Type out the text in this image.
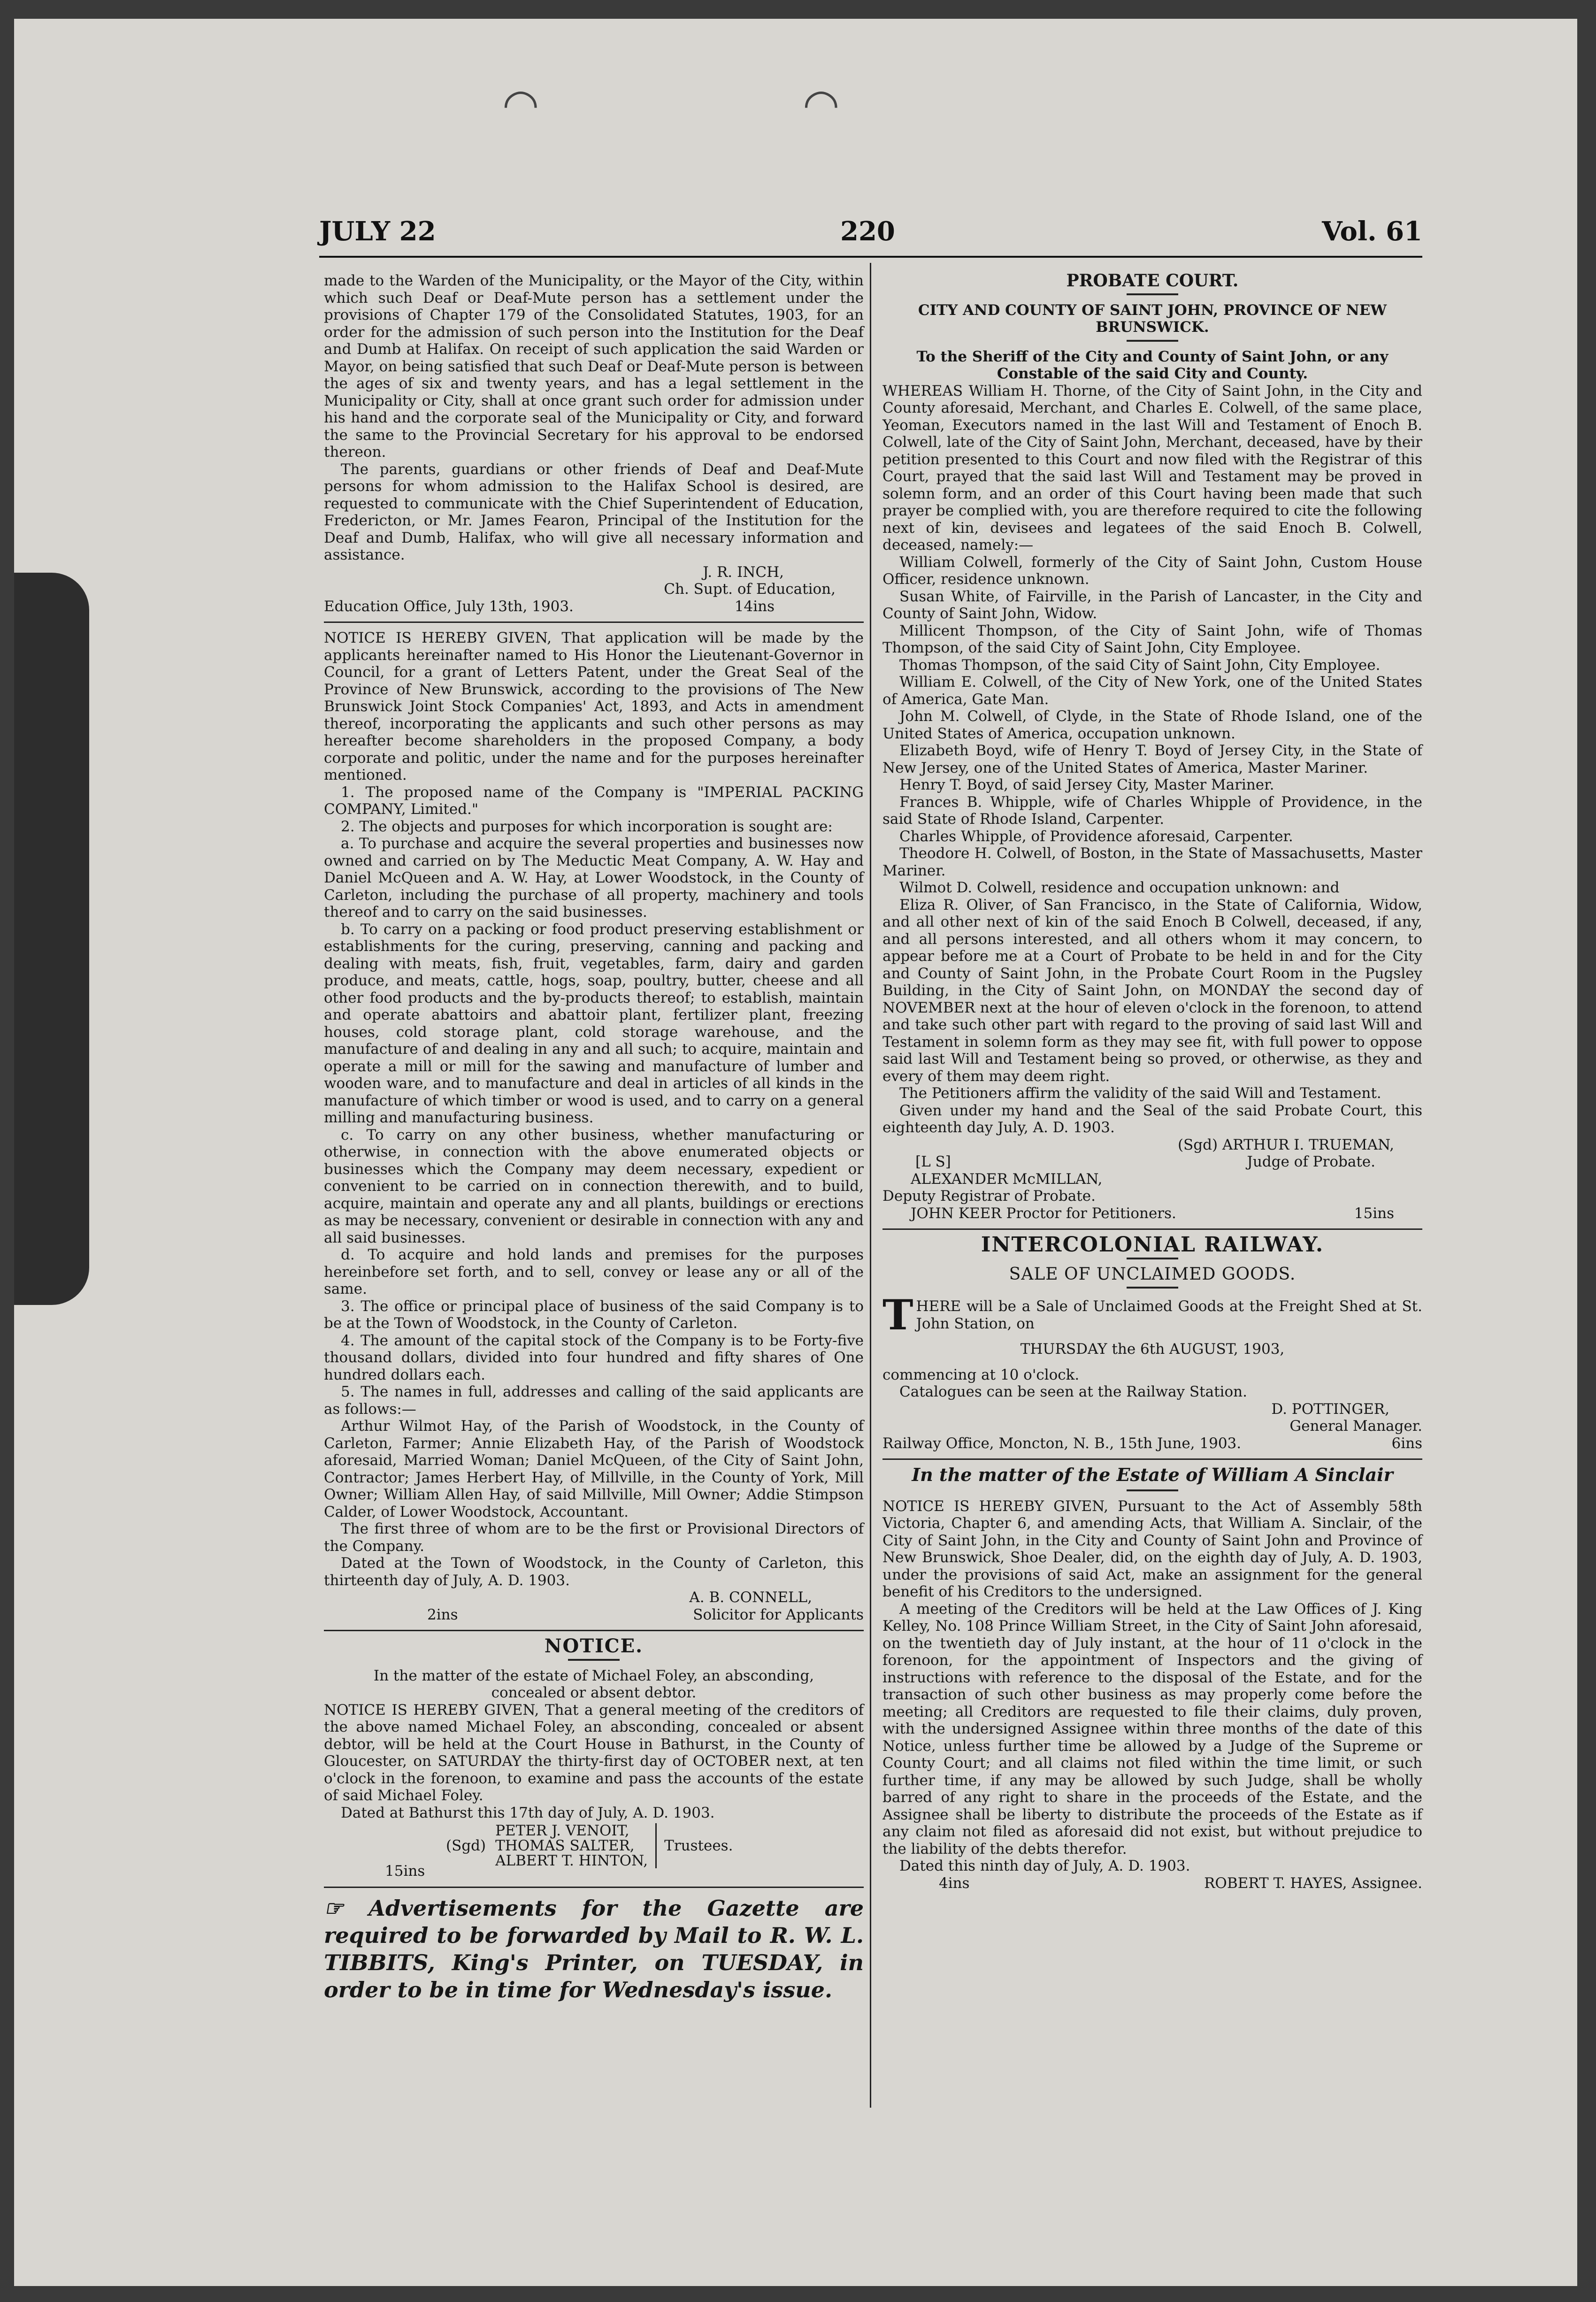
◠	◠
JULY 22	220	Vol. 61

made to the Warden of the Municipality, or the Mayor of the City, within which such Deaf or Deaf-Mute person has a settlement under the provisions of Chapter 179 of the Consolidated Statutes, 1903, for an order for the admission of such person into the Institution for the Deaf and Dumb at Halifax. On receipt of such application the said Warden or Mayor, on being satisfied that such Deaf or Deaf-Mute person is between the ages of six and twenty years, and has a legal settlement in the Municipality or City, shall at once grant such order for admission under his hand and the corporate seal of the Municipality or City, and forward the same to the Provincial Secretary for his approval to be endorsed thereon.

The parents, guardians or other friends of Deaf and Deaf-Mute persons for whom admission to the Halifax School is desired, are requested to communicate with the Chief Superintendent of Education, Fredericton, or Mr. James Fearon, Principal of the Institution for the Deaf and Dumb, Halifax, who will give all necessary information and assistance.

J. R. INCH,
Ch. Supt. of Education,
Education Office, July 13th, 1903.	14ins

NOTICE IS HEREBY GIVEN, That application will be made by the applicants hereinafter named to His Honor the Lieutenant-Governor in Council, for a grant of Letters Patent, under the Great Seal of the Province of New Brunswick, according to the provisions of The New Brunswick Joint Stock Companies' Act, 1893, and Acts in amendment thereof, incorporating the applicants and such other persons as may hereafter become shareholders in the proposed Company, a body corporate and politic, under the name and for the purposes hereinafter mentioned.

1. The proposed name of the Company is "IMPERIAL PACKING COMPANY, Limited."

2. The objects and purposes for which incorporation is sought are:

a. To purchase and acquire the several properties and businesses now owned and carried on by The Meductic Meat Company, A. W. Hay and Daniel McQueen and A. W. Hay, at Lower Woodstock, in the County of Carleton, including the purchase of all property, machinery and tools thereof and to carry on the said businesses.

b. To carry on a packing or food product preserving establishment or establishments for the curing, preserving, canning and packing and dealing with meats, fish, fruit, vegetables, farm, dairy and garden produce, and meats, cattle, hogs, soap, poultry, butter, cheese and all other food products and the by-products thereof; to establish, maintain and operate abattoirs and abattoir plant, fertilizer plant, freezing houses, cold storage plant, cold storage warehouse, and the manufacture of and dealing in any and all such; to acquire, maintain and operate a mill or mill for the sawing and manufacture of lumber and wooden ware, and to manufacture and deal in articles of all kinds in the manufacture of which timber or wood is used, and to carry on a general milling and manufacturing business.

c. To carry on any other business, whether manufacturing or otherwise, in connection with the above enumerated objects or businesses which the Company may deem necessary, expedient or convenient to be carried on in connection therewith, and to build, acquire, maintain and operate any and all plants, buildings or erections as may be necessary, convenient or desirable in connection with any and all said businesses.

d. To acquire and hold lands and premises for the purposes hereinbefore set forth, and to sell, convey or lease any or all of the same.

3. The office or principal place of business of the said Company is to be at the Town of Woodstock, in the County of Carleton.

4. The amount of the capital stock of the Company is to be Forty-five thousand dollars, divided into four hundred and fifty shares of One hundred dollars each.

5. The names in full, addresses and calling of the said applicants are as follows:—

Arthur Wilmot Hay, of the Parish of Woodstock, in the County of Carleton, Farmer; Annie Elizabeth Hay, of the Parish of Woodstock aforesaid, Married Woman; Daniel McQueen, of the City of Saint John, Contractor; James Herbert Hay, of Millville, in the County of York, Mill Owner; William Allen Hay, of said Millville, Mill Owner; Addie Stimpson Calder, of Lower Woodstock, Accountant.

The first three of whom are to be the first or Provisional Directors of the Company.

Dated at the Town of Woodstock, in the County of Carleton, this thirteenth day of July, A. D. 1903.

A. B. CONNELL,
2ins	Solicitor for Applicants
NOTICE.

In the matter of the estate of Michael Foley, an absconding, concealed or absent debtor.

NOTICE IS HEREBY GIVEN, That a general meeting of the creditors of the above named Michael Foley, an absconding, concealed or absent debtor, will be held at the Court House in Bathurst, in the County of Gloucester, on SATURDAY the thirty-first day of OCTOBER next, at ten o'clock in the forenoon, to examine and pass the accounts of the estate of said Michael Foley.

Dated at Bathurst this 17th day of July, A. D. 1903.

(Sgd)
PETER J. VENOIT,
THOMAS SALTER,
ALBERT T. HINTON,
Trustees.
15ins
☞ Advertisements for the Gazette are required to be forwarded by Mail to R. W. L. TIBBITS, King's Printer, on TUESDAY, in order to be in time for Wednesday's issue.
PROBATE COURT.

CITY AND COUNTY OF SAINT JOHN, PROVINCE OF NEW BRUNSWICK.

To the Sheriff of the City and County of Saint John, or any Constable of the said City and County.

WHEREAS William H. Thorne, of the City of Saint John, in the City and County aforesaid, Merchant, and Charles E. Colwell, of the same place, Yeoman, Executors named in the last Will and Testament of Enoch B. Colwell, late of the City of Saint John, Merchant, deceased, have by their petition presented to this Court and now filed with the Registrar of this Court, prayed that the said last Will and Testament may be proved in solemn form, and an order of this Court having been made that such prayer be complied with, you are therefore required to cite the following next of kin, devisees and legatees of the said Enoch B. Colwell, deceased, namely:—

William Colwell, formerly of the City of Saint John, Custom House Officer, residence unknown.

Susan White, of Fairville, in the Parish of Lancaster, in the City and County of Saint John, Widow.

Millicent Thompson, of the City of Saint John, wife of Thomas Thompson, of the said City of Saint John, City Employee.

Thomas Thompson, of the said City of Saint John, City Employee.

William E. Colwell, of the City of New York, one of the United States of America, Gate Man.

John M. Colwell, of Clyde, in the State of Rhode Island, one of the United States of America, occupation unknown.

Elizabeth Boyd, wife of Henry T. Boyd of Jersey City, in the State of New Jersey, one of the United States of America, Master Mariner.

Henry T. Boyd, of said Jersey City, Master Mariner.

Frances B. Whipple, wife of Charles Whipple of Providence, in the said State of Rhode Island, Carpenter.

Charles Whipple, of Providence aforesaid, Carpenter.

Theodore H. Colwell, of Boston, in the State of Massachusetts, Master Mariner.

Wilmot D. Colwell, residence and occupation unknown: and

Eliza R. Oliver, of San Francisco, in the State of California, Widow, and all other next of kin of the said Enoch B Colwell, deceased, if any, and all persons interested, and all others whom it may concern, to appear before me at a Court of Probate to be held in and for the City and County of Saint John, in the Probate Court Room in the Pugsley Building, in the City of Saint John, on MONDAY the second day of NOVEMBER next at the hour of eleven o'clock in the forenoon, to attend and take such other part with regard to the proving of said last Will and Testament in solemn form as they may see fit, with full power to oppose said last Will and Testament being so proved, or otherwise, as they and every of them may deem right.

The Petitioners affirm the validity of the said Will and Testament.

Given under my hand and the Seal of the said Probate Court, this eighteenth day July, A. D. 1903.

(Sgd) ARTHUR I. TRUEMAN,
[L S]	Judge of Probate.
ALEXANDER McMILLAN,
Deputy Registrar of Probate.
JOHN KEER Proctor for Petitioners.	15ins
INTERCOLONIAL RAILWAY.
SALE OF UNCLAIMED GOODS.

THERE will be a Sale of Unclaimed Goods at the Freight Shed at St. John Station, on

THURSDAY the 6th AUGUST, 1903,

commencing at 10 o'clock.

Catalogues can be seen at the Railway Station.

D. POTTINGER,
General Manager.
Railway Office, Moncton, N. B., 15th June, 1903.	6ins
In the matter of the Estate of William A Sinclair

NOTICE IS HEREBY GIVEN, Pursuant to the Act of Assembly 58th Victoria, Chapter 6, and amending Acts, that William A. Sinclair, of the City of Saint John, in the City and County of Saint John and Province of New Brunswick, Shoe Dealer, did, on the eighth day of July, A. D. 1903, under the provisions of said Act, make an assignment for the general benefit of his Creditors to the undersigned.

A meeting of the Creditors will be held at the Law Offices of J. King Kelley, No. 108 Prince William Street, in the City of Saint John aforesaid, on the twentieth day of July instant, at the hour of 11 o'clock in the forenoon, for the appointment of Inspectors and the giving of instructions with reference to the disposal of the Estate, and for the transaction of such other business as may properly come before the meeting; all Creditors are requested to file their claims, duly proven, with the undersigned Assignee within three months of the date of this Notice, unless further time be allowed by a Judge of the Supreme or County Court; and all claims not filed within the time limit, or such further time, if any may be allowed by such Judge, shall be wholly barred of any right to share in the proceeds of the Estate, and the Assignee shall be liberty to distribute the proceeds of the Estate as if any claim not filed as aforesaid did not exist, but without prejudice to the liability of the debts therefor.

Dated this ninth day of July, A. D. 1903.

4ins	ROBERT T. HAYES, Assignee.
